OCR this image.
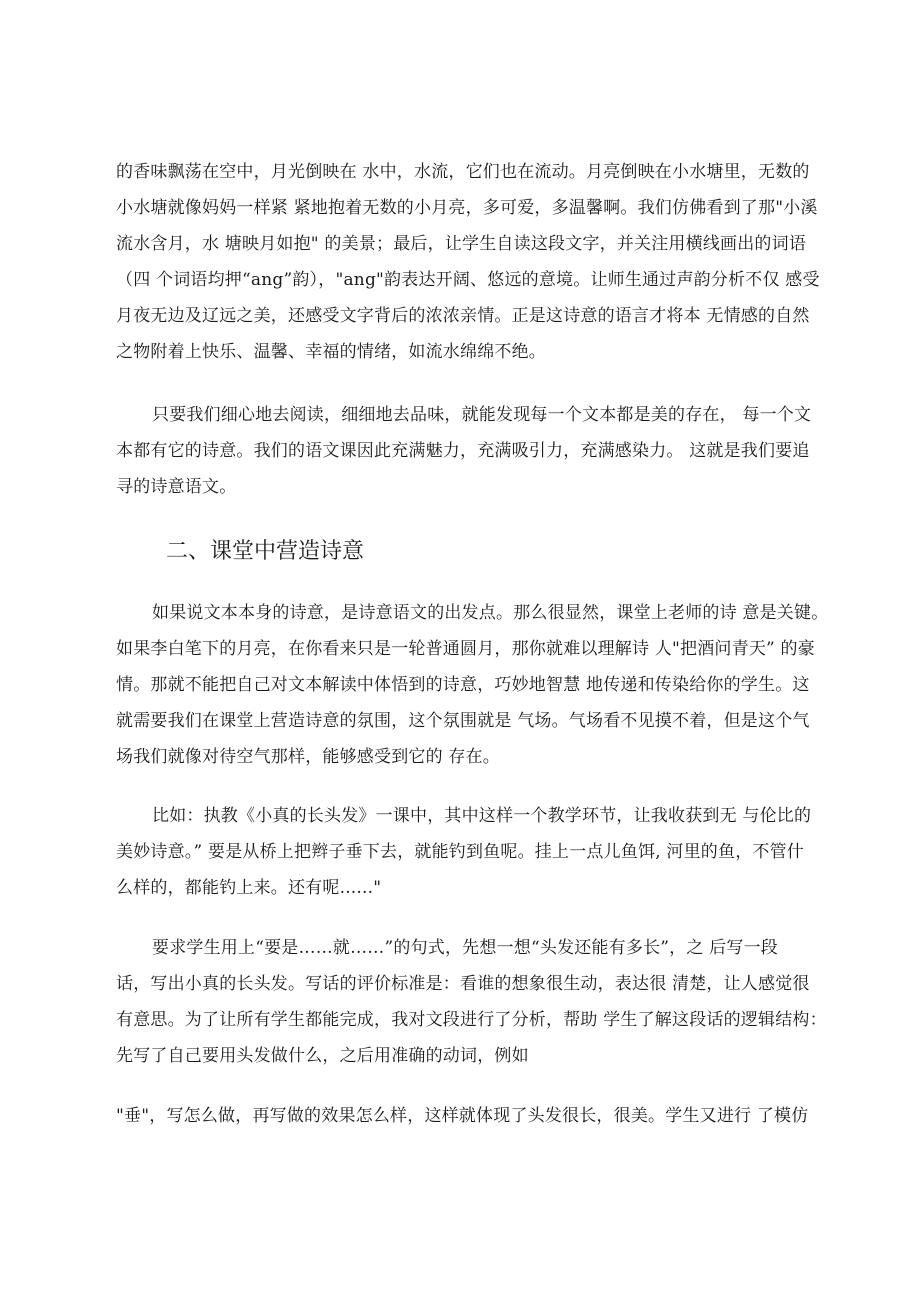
的香味飘荡在空中，月光倒映在 水中，水流，它们也在流动。月亮倒映在小水塘里，无数的
小水塘就像妈妈一样紧 紧地抱着无数的小月亮，多可爱，多温馨啊。我们仿佛看到了那"小溪
流水含月，水 塘映月如抱" 的美景；最后，让学生自读这段文字，并关注用横线画出的词语
（四 个词语均押“ang”韵），"ang"韵表达开阔、悠远的意境。让师生通过声韵分析不仅 感受
月夜无边及辽远之美，还感受文字背后的浓浓亲情。正是这诗意的语言才将本 无情感的自然
之物附着上快乐、温馨、幸福的情绪，如流水绵绵不绝。
只要我们细心地去阅读，细细地去品味，就能发现每一个文本都是美的存在， 每一个文
本都有它的诗意。我们的语文课因此充满魅力，充满吸引力，充满感染力。 这就是我们要追
寻的诗意语文。
二、课堂中营造诗意
如果说文本本身的诗意，是诗意语文的出发点。那么很显然，课堂上老师的诗 意是关键。
如果李白笔下的月亮，在你看来只是一轮普通圆月，那你就难以理解诗 人"把酒问青天” 的豪
情。那就不能把自己对文本解读中体悟到的诗意，巧妙地智慧 地传递和传染给你的学生。这
就需要我们在课堂上营造诗意的氛围，这个氛围就是 气场。气场看不见摸不着，但是这个气
场我们就像对待空气那样，能够感受到它的 存在。
比如：执教《小真的长头发》一课中，其中这样一个教学环节，让我收获到无 与伦比的
美妙诗意。” 要是从桥上把辫子垂下去，就能钓到鱼呢。挂上一点儿鱼饵, 河里的鱼，不管什
么样的，都能钓上来。还有呢......"
要求学生用上“要是……就……”的句式，先想一想“头发还能有多长”，之 后写一段
话，写出小真的长头发。写话的评价标准是：看谁的想象很生动，表达很 清楚，让人感觉很
有意思。为了让所有学生都能完成，我对文段进行了分析，帮助 学生了解这段话的逻辑结构：
先写了自己要用头发做什么，之后用准确的动词，例如
"垂"，写怎么做，再写做的效果怎么样，这样就体现了头发很长，很美。学生又进行 了模仿
